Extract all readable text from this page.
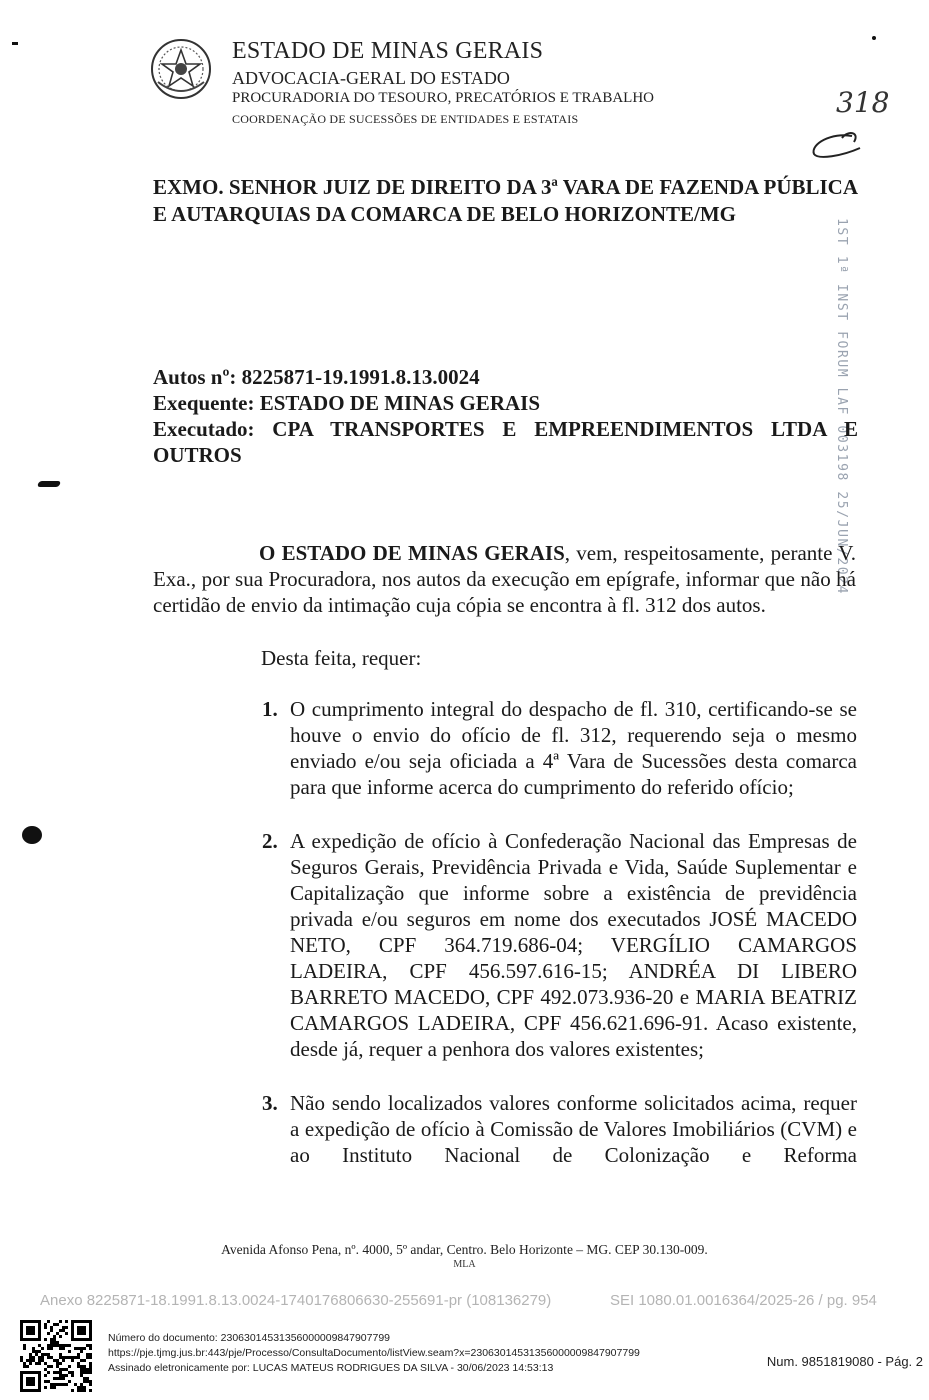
ESTADO DE MINAS GERAIS
ADVOCACIA-GERAL DO ESTADO
PROCURADORIA DO TESOURO, PRECATÓRIOS E TRABALHO
COORDENAÇÃO DE SUCESSÕES DE ENTIDADES E ESTATAIS	318
1ST 1ª INST FORUM LAF 003198 25/JUN/2024
EXMO. SENHOR JUIZ DE DIREITO DA 3ª VARA DE FAZENDA PÚBLICA E AUTARQUIAS DA COMARCA DE BELO HORIZONTE/MG
Autos nº: 8225871-19.1991.8.13.0024
Exequente: ESTADO DE MINAS GERAIS
Executado: CPA TRANSPORTES E EMPREENDIMENTOS LTDA E OUTROS
O ESTADO DE MINAS GERAIS, vem, respeitosamente, perante V. Exa., por sua Procuradora, nos autos da execução em epígrafe, informar que não há certidão de envio da intimação cuja cópia se encontra à fl. 312 dos autos.
Desta feita, requer:
1. O cumprimento integral do despacho de fl. 310, certificando-se se houve o envio do ofício de fl. 312, requerendo seja o mesmo enviado e/ou seja oficiada a 4ª Vara de Sucessões desta comarca para que informe acerca do cumprimento do referido ofício;
2. A expedição de ofício à Confederação Nacional das Empresas de Seguros Gerais, Previdência Privada e Vida, Saúde Suplementar e Capitalização que informe sobre a existência de previdência privada e/ou seguros em nome dos executados JOSÉ MACEDO NETO, CPF 364.719.686-04; VERGÍLIO CAMARGOS LADEIRA, CPF 456.597.616-15; ANDRÉA DI LIBERO BARRETO MACEDO, CPF 492.073.936-20 e MARIA BEATRIZ CAMARGOS LADEIRA, CPF 456.621.696-91. Acaso existente, desde já, requer a penhora dos valores existentes;
3. Não sendo localizados valores conforme solicitados acima, requer a expedição de ofício à Comissão de Valores Imobiliários (CVM) e ao Instituto Nacional de Colonização e Reforma
Avenida Afonso Pena, nº. 4000, 5º andar, Centro. Belo Horizonte – MG. CEP 30.130-009.
MLA
Anexo 8225871-18.1991.8.13.0024-1740176806630-255691-pr (108136279)	SEI 1080.01.0016364/2025-26 / pg. 954
Número do documento: 23063014531356000009847907799
https://pje.tjmg.jus.br:443/pje/Processo/ConsultaDocumento/listView.seam?x=23063014531356000009847907799
Assinado eletronicamente por: LUCAS MATEUS RODRIGUES DA SILVA - 30/06/2023 14:53:13	Num. 9851819080 - Pág. 2
